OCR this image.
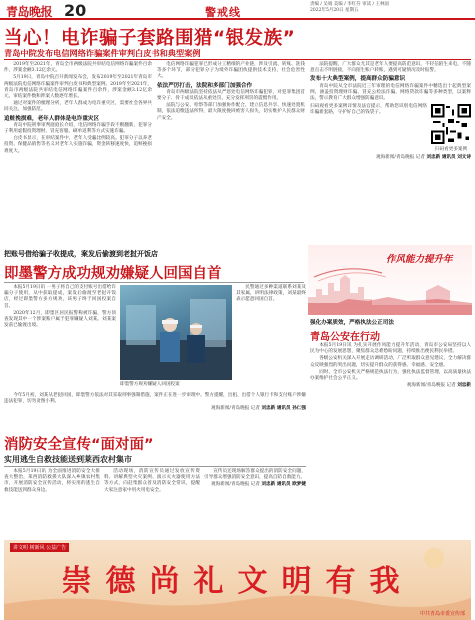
青岛晚报 20	警戒线
责编 / 吴娟 美编 / 李红芬 审读 / 王林国
2022年5月20日 星期五
当心！电诈骗子套路围猎“银发族”
青岛中院发布电信网络诈骗案件审判白皮书和典型案例

2019年至2021年，青岛全市两级法院共审结电信网络诈骗案件百余件，涉案金额3.12亿余元。

5月19日，青岛中院召开新闻发布会，发布2019年至2021年青岛市两级法院电信网络诈骗案件审判白皮书和典型案例。2019年至2021年，青岛市两级法院共审结电信网络诈骗案件百余件，涉案金额3.12亿余元，审结案件数和涉案人数逐年增长。

通过对案件的梳理分析，老年人群成为电诈重灾区，需要社会各界共同关注、加强防范。

追赃挽损难，老年人群体是电诈重灾区

青岛中院刑事审判庭庭长介绍，电信网络诈骗手段不断翻新，犯罪分子利用虚假投资理财、冒充客服、刷单返利等方式实施诈骗。

白皮书显示，在审结案件中，老年人受骗比例较高。犯罪分子以养老投资、保健品销售等名义对老年人实施诈骗，资金转移速度快，追赃挽损难度大。

电信网络诈骗犯罪已形成分工精细的产业链，涉及引流、转账、洗钱等多个环节，部分犯罪分子为境外诈骗团伙提供技术支持，社会危害性大。

依法严厉打击，法院和多部门加强合作

青岛市两级法院坚持依法从严惩处电信网络诈骗犯罪，对犯罪集团首要分子、骨干成员依法从重处罚，充分发挥刑罚的震慑作用。

法院与公安、检察等部门加强协作配合，建立信息共享、快速处置机制，依法追缴违法所得，最大限度挽回被害人损失，切实维护人民群众财产安全。

法院提醒，广大群众尤其是老年人要提高防范意识，不轻信陌生来电，不随意点击不明链接，不向陌生账户转账，遇到可疑情况及时报警。

发布十大典型案例，提高群众防骗意识

青岛中院从全市法院近三年审理的电信网络诈骗案件中精选出十起典型案例，涵盖投资理财诈骗、冒充公检法诈骗、网络贷款诈骗等多种类型，以案释法，警示教育广大群众增强防骗意识。

扫码观看更多案例详情及法官提示，帮助您识别电信网络诈骗新套路，守护好自己的钱袋子。
扫码看更多案例
观海新闻/青岛晚报 记者 刘忠新 通讯员 刘文诗
作风能力提升年
把账号借给骗子收提成，案发后偷渡到老挝开饭店
即墨警方成功规劝嫌疑人回国自首

本报5月19日讯 一男子将自己的支付账号出借给诈骗分子使用，从中获取提成，案发后偷渡至老挝开饭店，经过即墨警方多方规劝，该男子终于回国投案自首。

2020年12月，即墨区居民报警称被诈骗，警方侦查发现其中一个涉案账户属于犯罪嫌疑人刘某。刘某案发前已偷渡出境。

即墨警方规劝嫌疑人回国投案

民警通过多种渠道联系刘某及其家属，讲明法律政策，刘某最终表示愿意回国自首。

今年5月初，刘某从老挝回国，即墨警方依法对其采取刑事强制措施，案件正在进一步审理中。警方提醒，出租、出借个人银行卡和支付账户涉嫌违法犯罪，切勿贪图小利。

观海新闻/青岛晚报 记者 刘忠新 通讯员 孙仁强
强化办案质效，严格执法公正司法
青岛公安在行动

本报5月19日讯 为扎实开展作风能力提升年活动，青岛市公安局坚持以人民为中心的发展思想，聚焦群众急难愁盼问题，持续推出便民利民举措。

各级公安机关深入开展走访调研活动，广泛听取群众意见建议，全力解决群众反映强烈的突出问题，切实提升群众的获得感、幸福感、安全感。

同时，全市公安机关严格规范执法行为，强化执法监督管理，以高质量执法办案维护社会公平正义。

观海新闻/青岛晚报 记者 刘忠新
消防安全宣传“面对面”
实用逃生自救技能送到莱西农村集市

本报5月19日讯 为全面推进消防安全大排查大整治，莱西消防救援大队深入乡镇农村集市，开展消防安全宣传活动，将实用的逃生自救技能送到群众身边。

活动现场，消防宣传员通过发放宣传资料、讲解典型火灾案例、演示灭火器使用方法等方式，向赶集群众普及消防安全常识，提醒大家注意家中用火用电安全。

宣传员还现场解答群众提出的消防安全问题，引导群众增强消防安全意识，提高自防自救能力。

观海新闻/青岛晚报 记者 刘忠新 通讯员 欧梦婕
讲文明 树新风 公益广告
崇德尚礼文明有我
中共青岛市委宣传部
